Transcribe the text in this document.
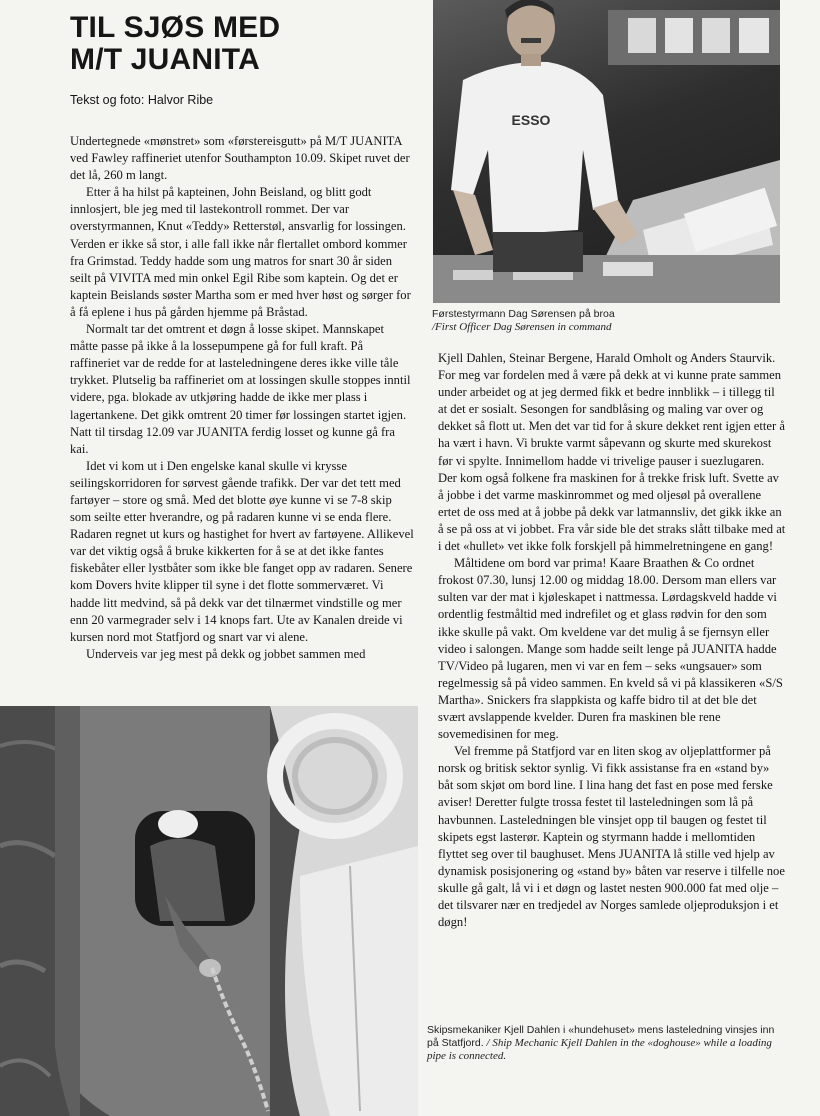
TIL SJØS MED
M/T JUANITA
Tekst og foto: Halvor Ribe

Undertegnede «mønstret» som «førstereisgutt» på M/T JUANITA ved Fawley raffineriet utenfor Southampton 10.09. Skipet ruvet der det lå, 260 m langt.

Etter å ha hilst på kapteinen, John Beisland, og blitt godt innlosjert, ble jeg med til lastekontroll rommet. Der var overstyrmannen, Knut «Teddy» Retterstøl, ansvarlig for lossingen. Verden er ikke så stor, i alle fall ikke når flertallet ombord kommer fra Grimstad. Teddy hadde som ung matros for snart 30 år siden seilt på VIVITA med min onkel Egil Ribe som kaptein. Og det er kaptein Beislands søster Martha som er med hver høst og sørger for å få eplene i hus på gården hjemme på Bråstad.

Normalt tar det omtrent et døgn å losse skipet. Mannskapet måtte passe på ikke å la lossepumpene gå for full kraft. På raffineriet var de redde for at lasteledningene deres ikke ville tåle trykket. Plutselig ba raffineriet om at lossingen skulle stoppes inntil videre, pga. blokade av utkjøring hadde de ikke mer plass i lagertankene. Det gikk omtrent 20 timer før lossingen startet igjen. Natt til tirsdag 12.09 var JUANITA ferdig losset og kunne gå fra kai.

Idet vi kom ut i Den engelske kanal skulle vi krysse seilingskorridoren for sørvest gående trafikk. Der var det tett med fartøyer – store og små. Med det blotte øye kunne vi se 7-8 skip som seilte etter hverandre, og på radaren kunne vi se enda flere. Radaren regnet ut kurs og hastighet for hvert av fartøyene. Allikevel var det viktig også å bruke kikkerten for å se at det ikke fantes fiskebåter eller lystbåter som ikke ble fanget opp av radaren. Senere kom Dovers hvite klipper til syne i det flotte sommerværet. Vi hadde litt medvind, så på dekk var det tilnærmet vindstille og mer enn 20 varmegrader selv i 14 knops fart. Ute av Kanalen dreide vi kursen nord mot Statfjord og snart var vi alene.

Underveis var jeg mest på dekk og jobbet sammen med

Kjell Dahlen, Steinar Bergene, Harald Omholt og Anders Staurvik. For meg var fordelen med å være på dekk at vi kunne prate sammen under arbeidet og at jeg dermed fikk et bedre innblikk – i tillegg til at det er sosialt. Sesongen for sandblåsing og maling var over og dekket så flott ut. Men det var tid for å skure dekket rent igjen etter å ha vært i havn. Vi brukte varmt såpevann og skurte med skurekost før vi spylte. Innimellom hadde vi trivelige pauser i suezlugaren. Der kom også folkene fra maskinen for å trekke frisk luft. Svette av å jobbe i det varme maskinrommet og med oljesøl på overallene ertet de oss med at å jobbe på dekk var latmannsliv, det gikk ikke an å se på oss at vi jobbet. Fra vår side ble det straks slått tilbake med at i det «hullet» vet ikke folk forskjell på himmelretningene en gang!

Måltidene om bord var prima! Kaare Braathen & Co ordnet frokost 07.30, lunsj 12.00 og middag 18.00. Dersom man ellers var sulten var der mat i kjøleskapet i nattmessa. Lørdagskveld hadde vi ordentlig festmåltid med indrefilet og et glass rødvin for den som ikke skulle på vakt. Om kveldene var det mulig å se fjernsyn eller video i salongen. Mange som hadde seilt lenge på JUANITA hadde TV/Video på lugaren, men vi var en fem – seks «ungsauer» som regelmessig så på video sammen. En kveld så vi på klassikeren «S/S Martha». Snickers fra slappkista og kaffe bidro til at det ble det svært avslappende kvelder. Duren fra maskinen ble rene sovemedisinen for meg.

Vel fremme på Statfjord var en liten skog av oljeplattformer på norsk og britisk sektor synlig. Vi fikk assistanse fra en «stand by» båt som skjøt om bord line. I lina hang det fast en pose med ferske aviser! Deretter fulgte trossa festet til lasteledningen som lå på havbunnen. Lasteledningen ble vinsjet opp til baugen og festet til skipets egst lasterør. Kaptein og styrmann hadde i mellomtiden flyttet seg over til baughuset. Mens JUANITA lå stille ved hjelp av dynamisk posisjonering og «stand by» båten var reserve i tilfelle noe skulle gå galt, lå vi i et døgn og lastet nesten 900.000 fat med olje – det tilsvarer nær en tredjedel av Norges samlede oljeproduksjon i et døgn!

ESSO
Førstestyrmann Dag Sørensen på broa
/First Officer Dag Sørensen in command
Skipsmekaniker Kjell Dahlen i «hundehuset» mens lasteledning vinsjes inn på Statfjord. / Ship Mechanic Kjell Dahlen in the «doghouse» while a loading pipe is connected.
